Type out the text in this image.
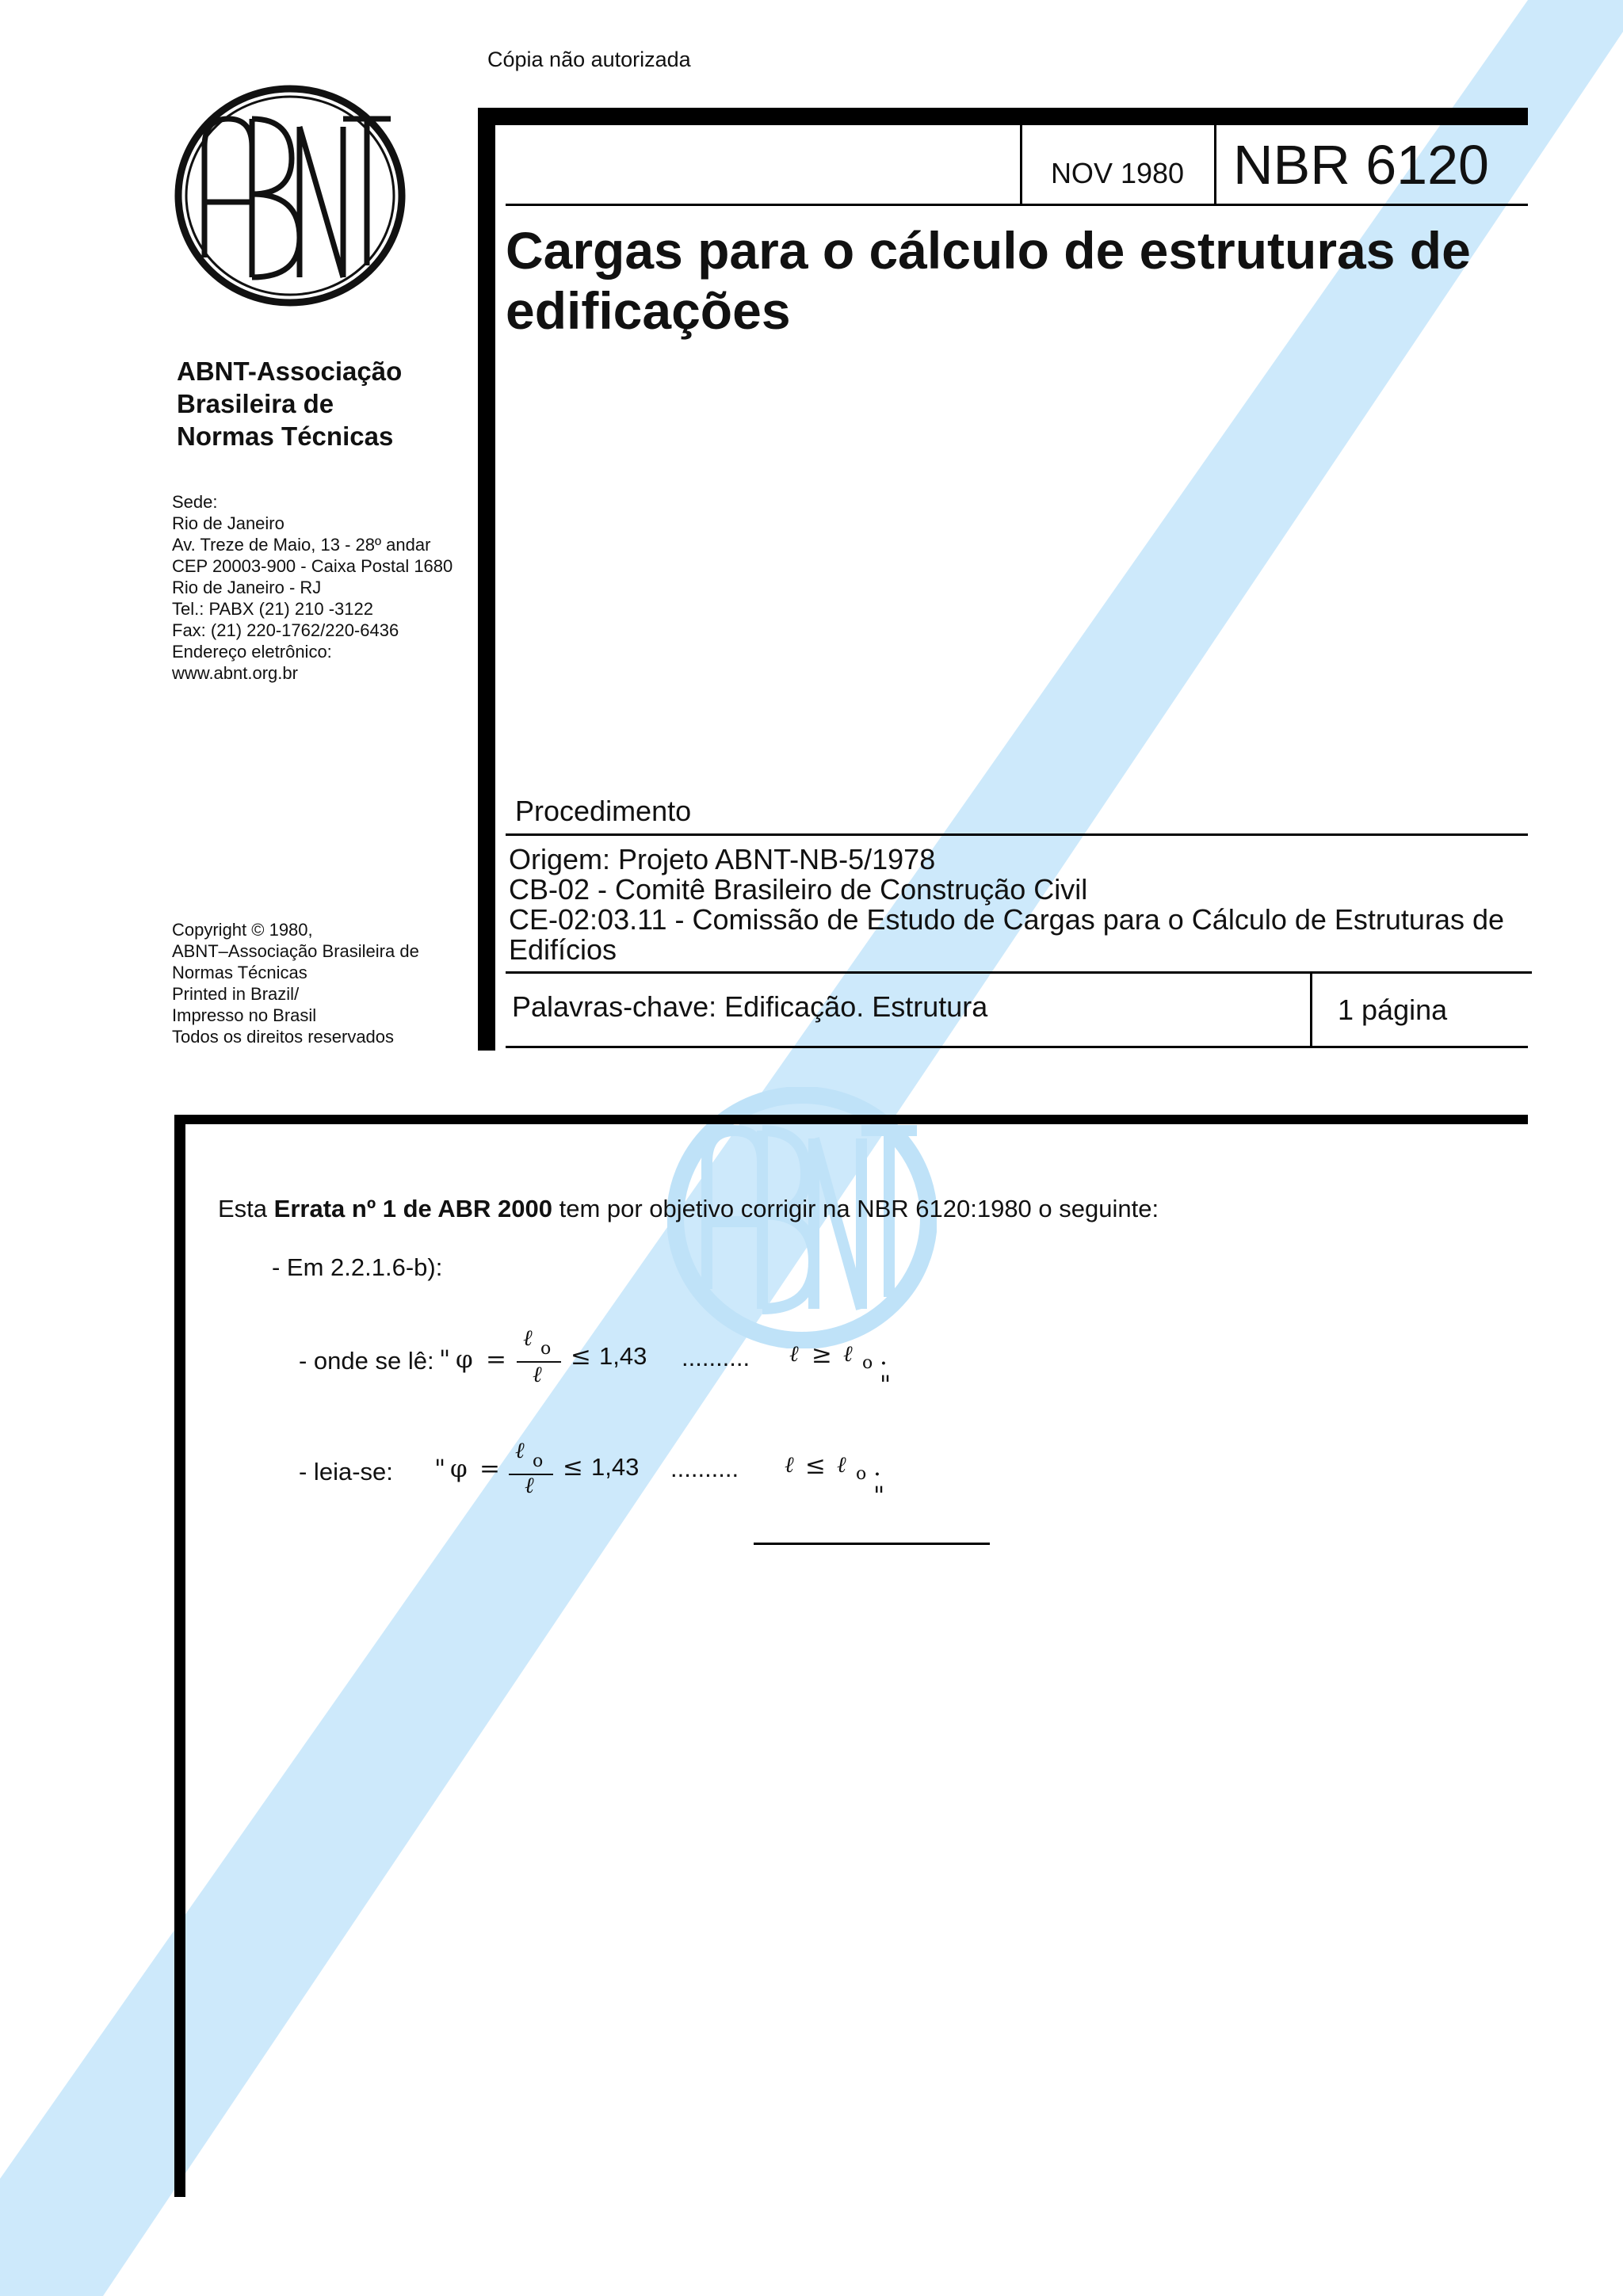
Cópia não autorizada
ABNT-Associação
Brasileira de
Normas Técnicas
Sede:
Rio de Janeiro
Av. Treze de Maio, 13 - 28º andar
CEP 20003-900 - Caixa Postal 1680
Rio de Janeiro - RJ
Tel.: PABX (21) 210 -3122
Fax: (21) 220-1762/220-6436
Endereço eletrônico:
www.abnt.org.br
Copyright © 1980,
ABNT–Associação Brasileira de
Normas Técnicas
Printed in Brazil/
Impresso no Brasil
Todos os direitos reservados
NOV 1980 NBR 6120
Cargas para o cálculo de estruturas de
edificações
Procedimento
Origem: Projeto ABNT-NB-5/1978
CB-02 - Comitê Brasileiro de Construção Civil
CE-02:03.11 - Comissão de Estudo de Cargas para o Cálculo de Estruturas de
Edifícios
Palavras-chave: Edificação. Estrutura	1 página
Esta Errata nº 1 de ABR 2000 tem por objetivo corrigir na NBR 6120:1980 o seguinte:
- Em 2.2.1.6-b):
- onde se lê: " φ =
ℓ o
ℓ
≤ 1,43 .......... ℓ ≥ ℓ o . "
- leia-se: " φ =
ℓ o
ℓ
≤ 1,43 .......... ℓ ≤ ℓ o . "
